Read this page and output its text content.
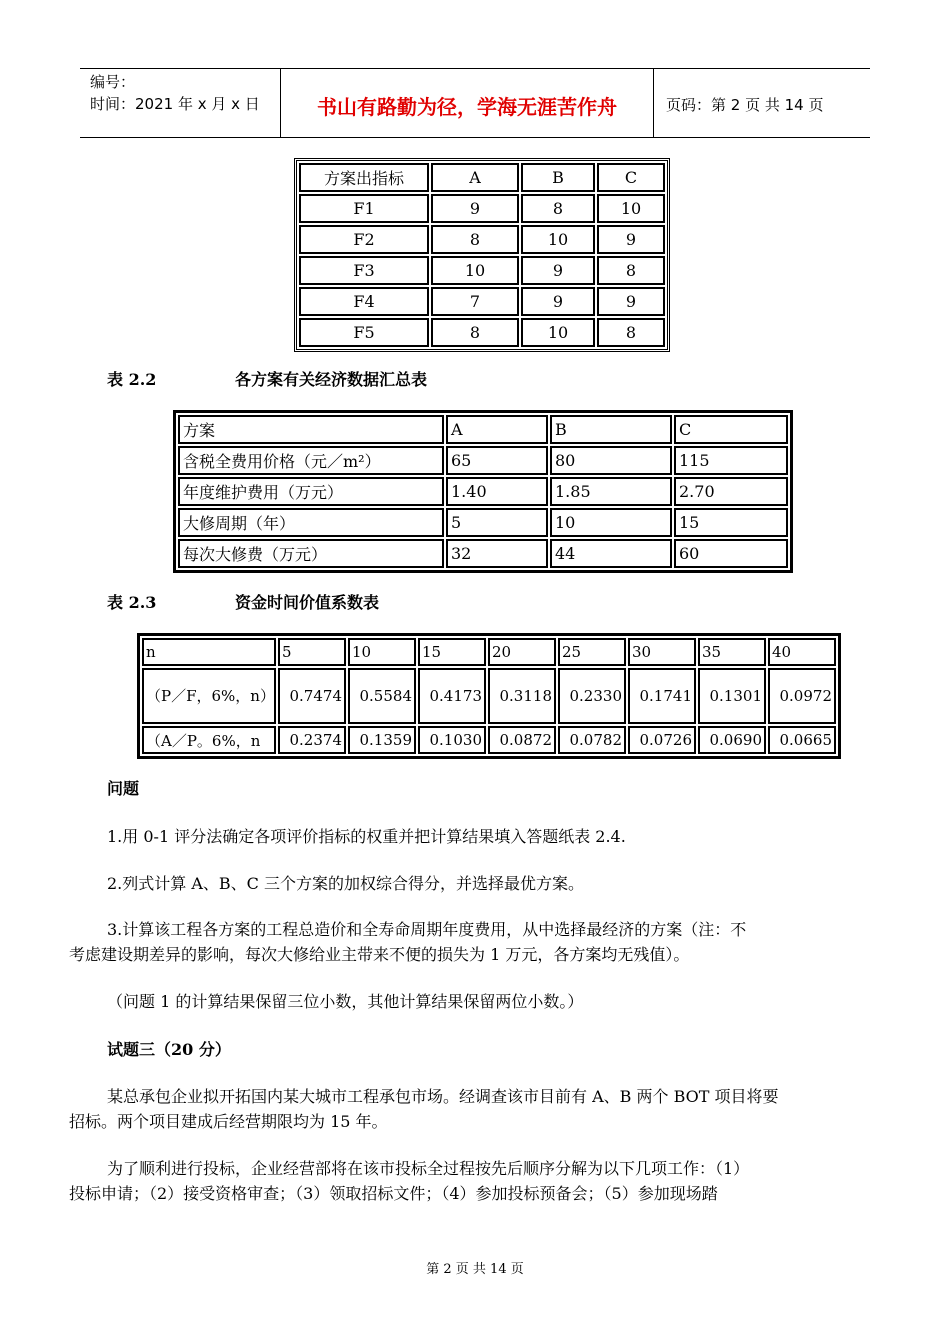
编号：
时间：2021 年 x 月 x 日	书山有路勤为径，学海无涯苦作舟	页码：第 2 页 共 14 页
方案出指标	A	B	C
F1	9	8	10
F2	8	10	9
F3	10	9	8
F4	7	9	9
F5	8	10	8
表 2.2	各方案有关经济数据汇总表
方案	A	B	C
含税全费用价格（元／m²）	65	80	115
年度维护费用（万元）	1.40	1.85	2.70
大修周期（年）	5	10	15
每次大修费（万元）	32	44	60
表 2.3	资金时间价值系数表
n	5	10	15	20	25	30	35	40
（P／F，6%，n）	0.7474	0.5584	0.4173	0.3118	0.2330	0.1741	0.1301	0.0972
（A／P。6%，n	0.2374	0.1359	0.1030	0.0872	0.0782	0.0726	0.0690	0.0665
问题
1.用 0-1 评分法确定各项评价指标的权重并把计算结果填入答题纸表 2.4.
2.列式计算 A、B、C 三个方案的加权综合得分，并选择最优方案。
3.计算该工程各方案的工程总造价和全寿命周期年度费用，从中选择最经济的方案（注：不
考虑建设期差异的影响，每次大修给业主带来不便的损失为 1 万元，各方案均无残值）。
（问题 1 的计算结果保留三位小数，其他计算结果保留两位小数。）
试题三（20 分）
某总承包企业拟开拓国内某大城市工程承包市场。经调查该市目前有 A、B 两个 BOT 项目将要
招标。两个项目建成后经营期限均为 15 年。
为了顺利进行投标，企业经营部将在该市投标全过程按先后顺序分解为以下几项工作：（1）
投标申请；（2）接受资格审查；（3）领取招标文件；（4）参加投标预备会；（5）参加现场踏
第 2 页 共 14 页
